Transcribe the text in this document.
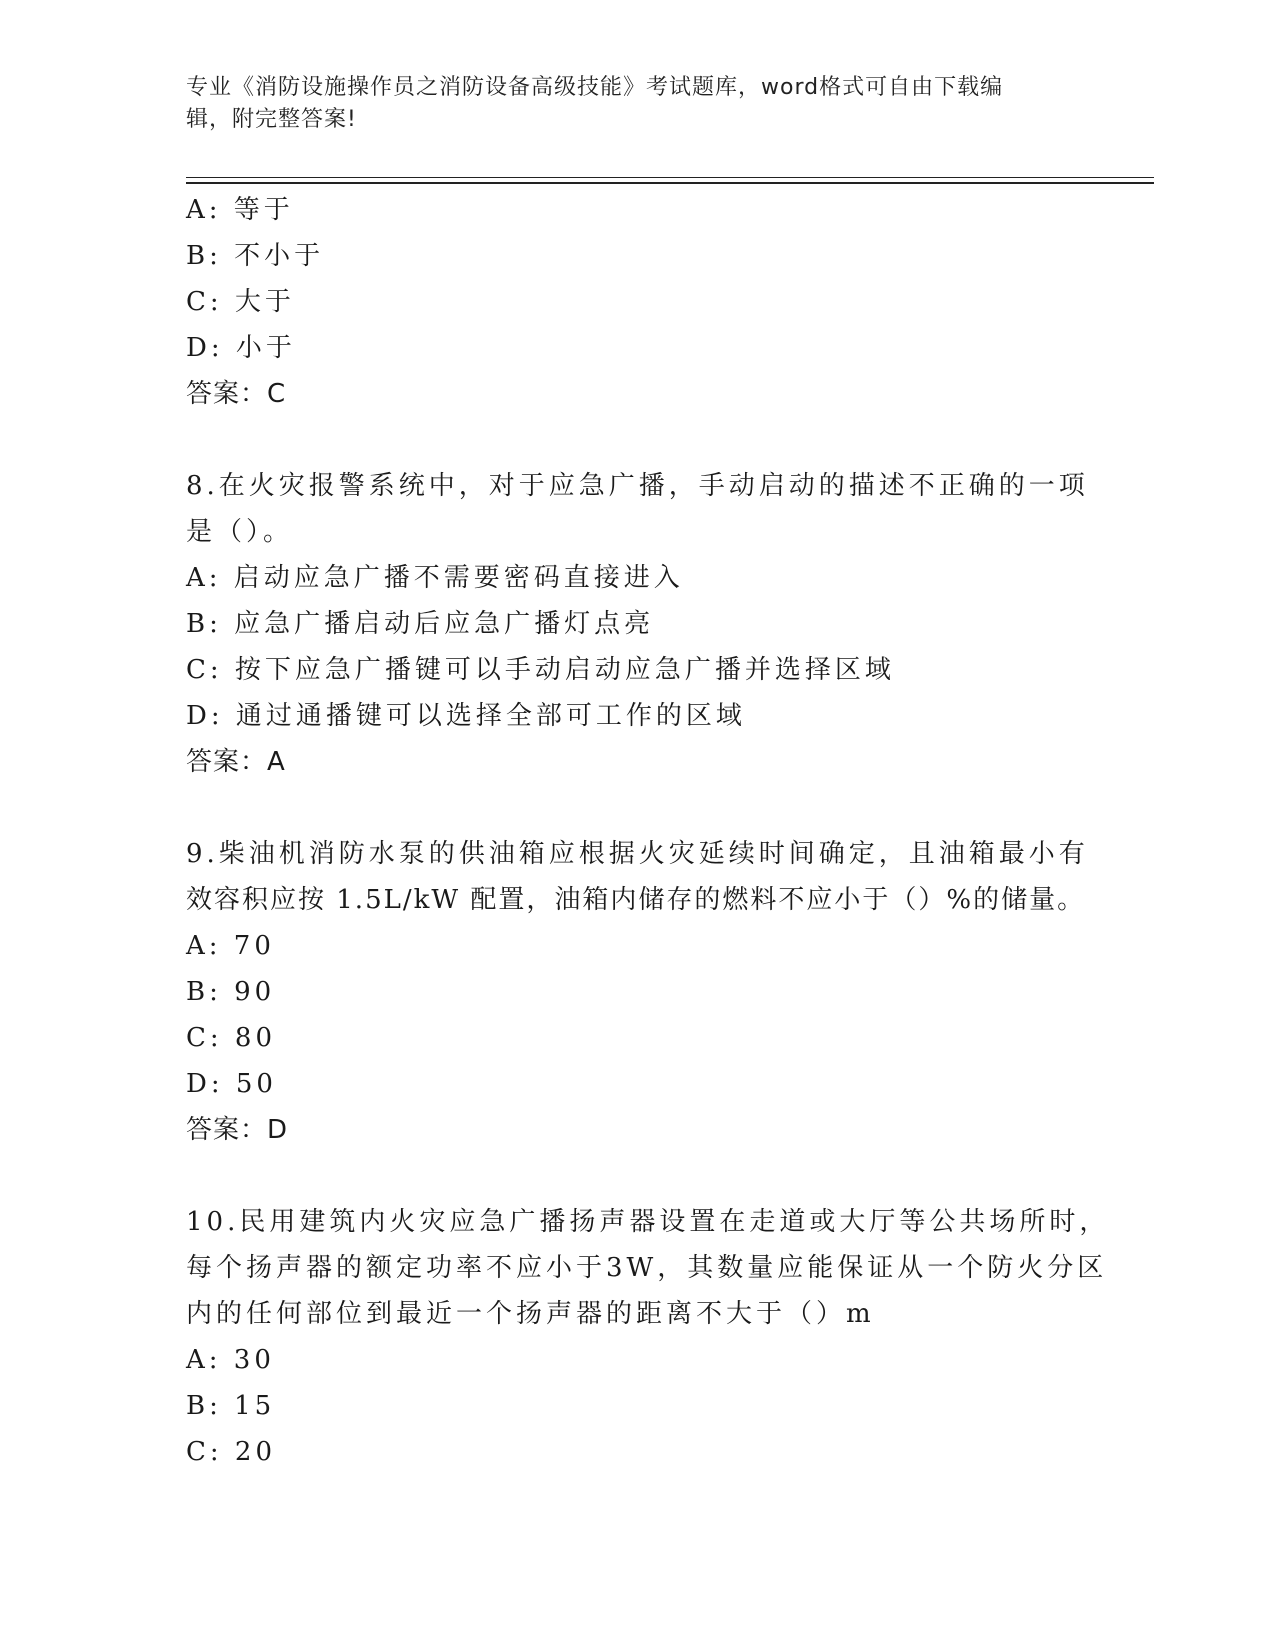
专业《消防设施操作员之消防设备高级技能》考试题库，word格式可自由下载编
辑，附完整答案!
A: 等于
B: 不小于
C: 大于
D: 小于
答案：C
8.在火灾报警系统中，对于应急广播，手动启动的描述不正确的一项
是（）。
A: 启动应急广播不需要密码直接进入
B: 应急广播启动后应急广播灯点亮
C: 按下应急广播键可以手动启动应急广播并选择区域
D: 通过通播键可以选择全部可工作的区域
答案：A
9.柴油机消防水泵的供油箱应根据火灾延续时间确定，且油箱最小有
效容积应按 1.5L/kW 配置，油箱内储存的燃料不应小于（）%的储量。
A: 70
B: 90
C: 80
D: 50
答案：D
10.民用建筑内火灾应急广播扬声器设置在走道或大厅等公共场所时，
每个扬声器的额定功率不应小于3W，其数量应能保证从一个防火分区
内的任何部位到最近一个扬声器的距离不大于（）m
A: 30
B: 15
C: 20
